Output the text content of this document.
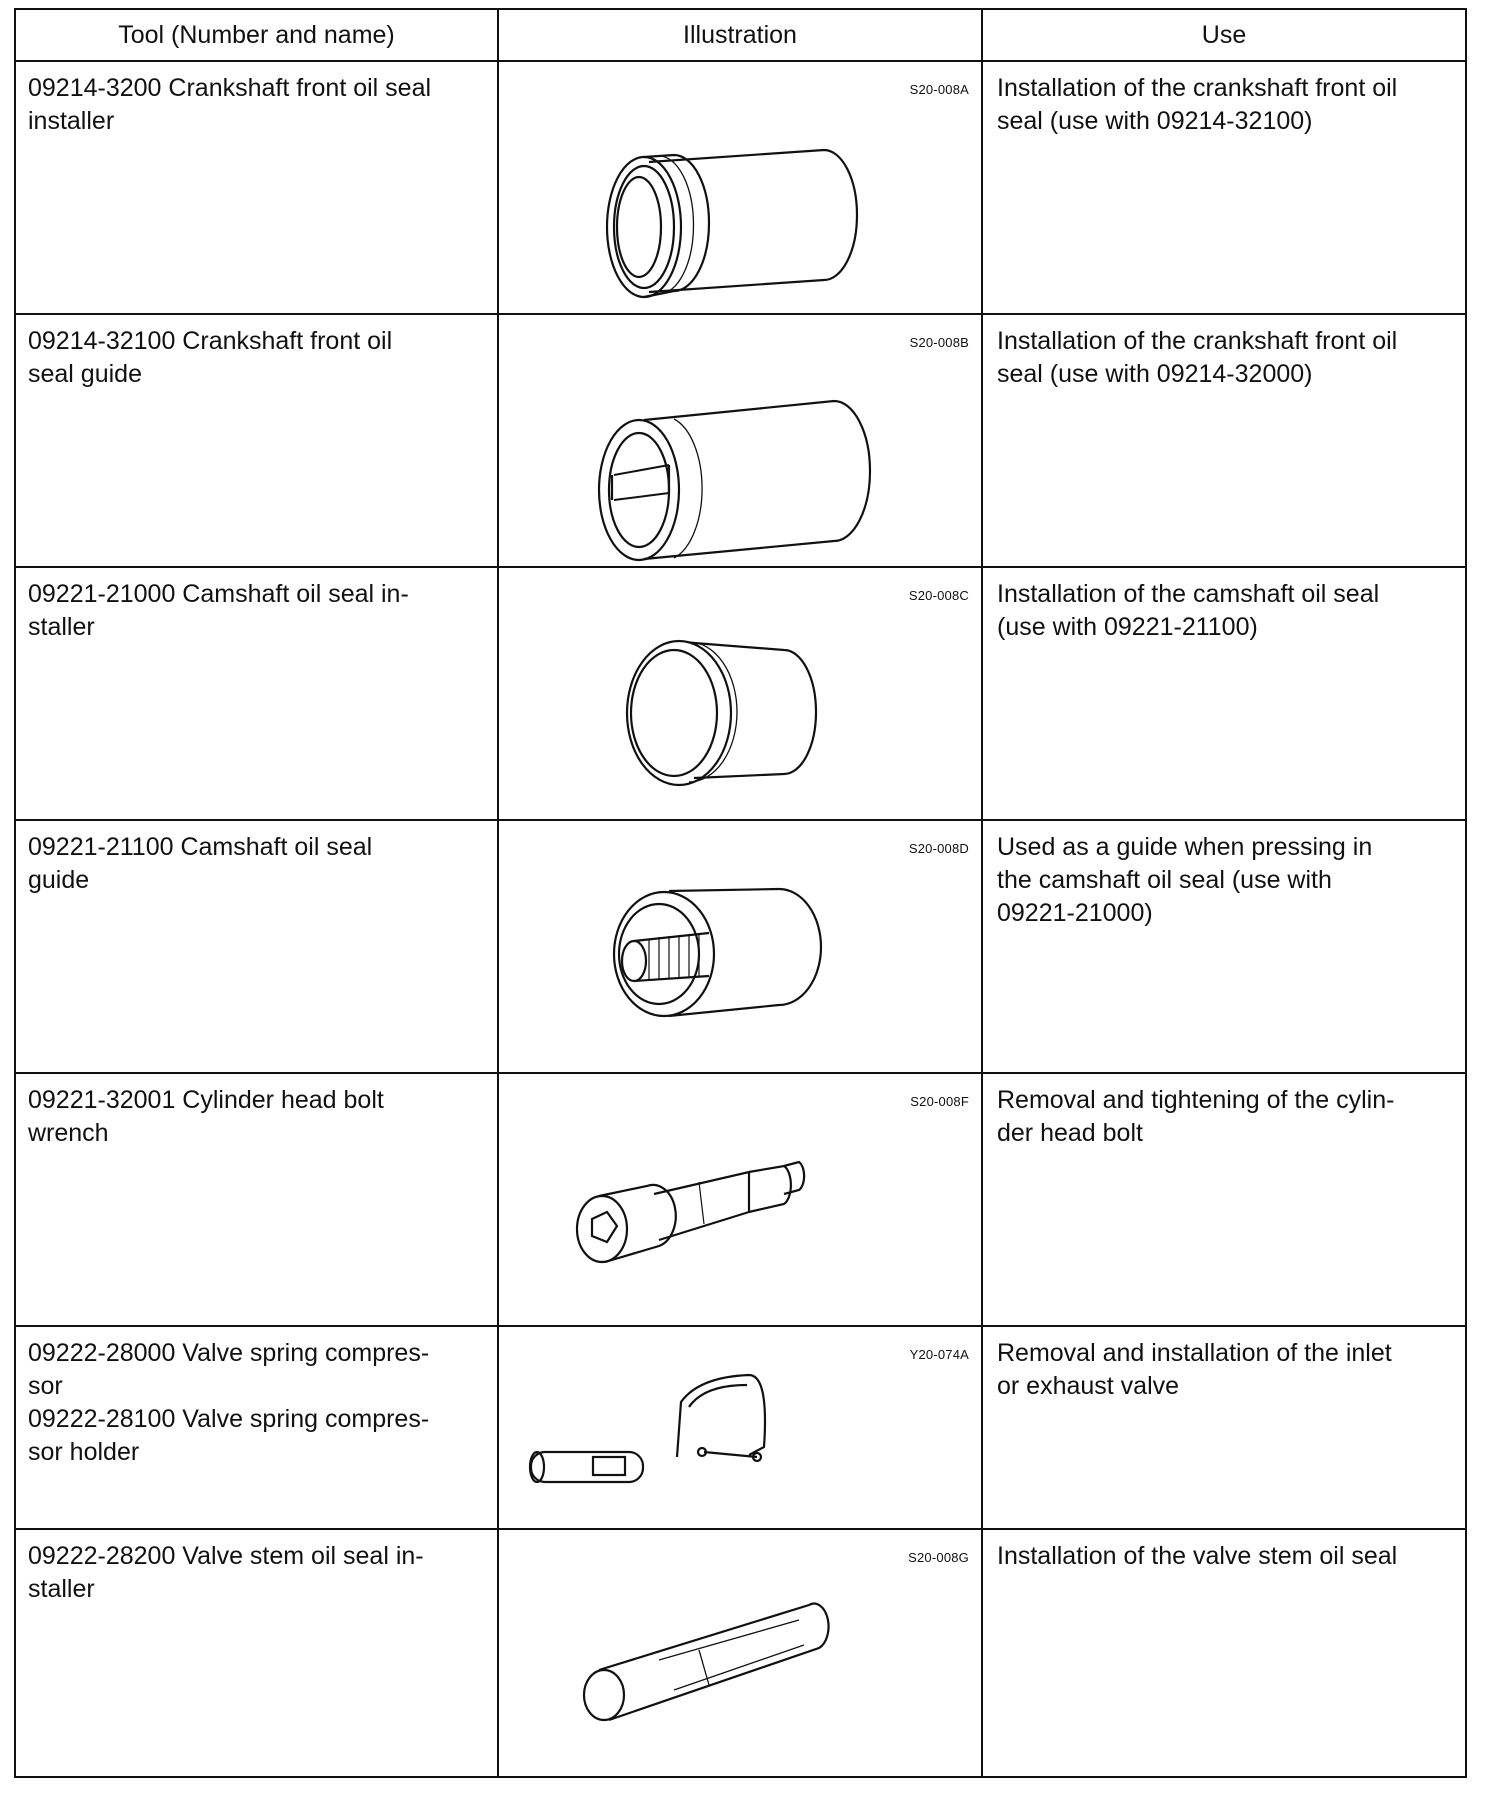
Tool (Number and name)	Illustration	Use
09214-3200 Crankshaft front oil seal
installer	S20-008A	Installation of the crankshaft front oil
seal (use with 09214-32100)
09214-32100 Crankshaft front oil
seal guide	S20-008B	Installation of the crankshaft front oil
seal (use with 09214-32000)
09221-21000 Camshaft oil seal in-
staller	S20-008C	Installation of the camshaft oil seal
(use with 09221-21100)
09221-21100 Camshaft oil seal
guide	S20-008D	Used as a guide when pressing in
the camshaft oil seal (use with
09221-21000)
09221-32001 Cylinder head bolt
wrench	S20-008F	Removal and tightening of the cylin-
der head bolt
09222-28000 Valve spring compres-
sor
09222-28100 Valve spring compres-
sor holder	Y20-074A	Removal and installation of the inlet
or exhaust valve
09222-28200 Valve stem oil seal in-
staller	S20-008G	Installation of the valve stem oil seal
